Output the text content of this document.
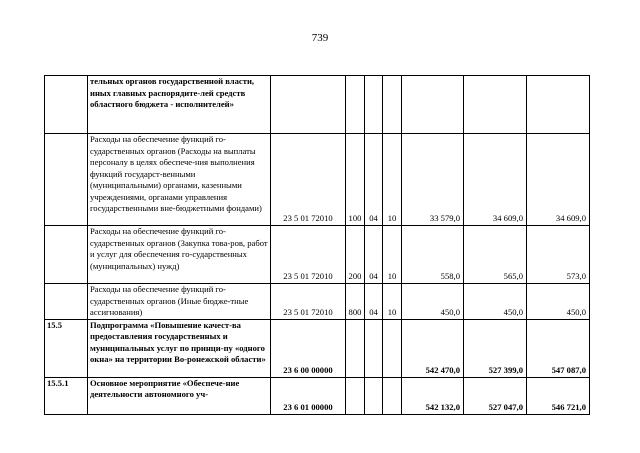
739
	тельных органов государственной власти, иных главных распорядите-лей средств областного бюджета - исполнителей»							
	Расходы на обеспечение функций го-сударственных органов (Расходы на выплаты персоналу в целях обеспече-ния выполнения функций государст-венными (муниципальными) органами, казенными учреждениями, органами управления государственными вне-бюджетными фондами)	23 5 01 72010	100	04	10	33 579,0	34 609,0	34 609,0
	Расходы на обеспечение функций го-сударственных органов (Закупка това-ров, работ и услуг для обеспечения го-сударственных (муниципальных) нужд)	23 5 01 72010	200	04	10	558,0	565,0	573,0
	Расходы на обеспечение функций го-сударственных органов (Иные бюдже-тные ассигнования)	23 5 01 72010	800	04	10	450,0	450,0	450,0
15.5	Подпрограмма «Повышение качест-ва предоставления государственных и муниципальных услуг по принци-пу «одного окна» на территории Во-ронежской области»	23 6 00 00000				542 470,0	527 399,0	547 087,0
15.5.1	Основное мероприятие «Обеспече-ние деятельности автономного уч-	23 6 01 00000				542 132,0	527 047,0	546 721,0
